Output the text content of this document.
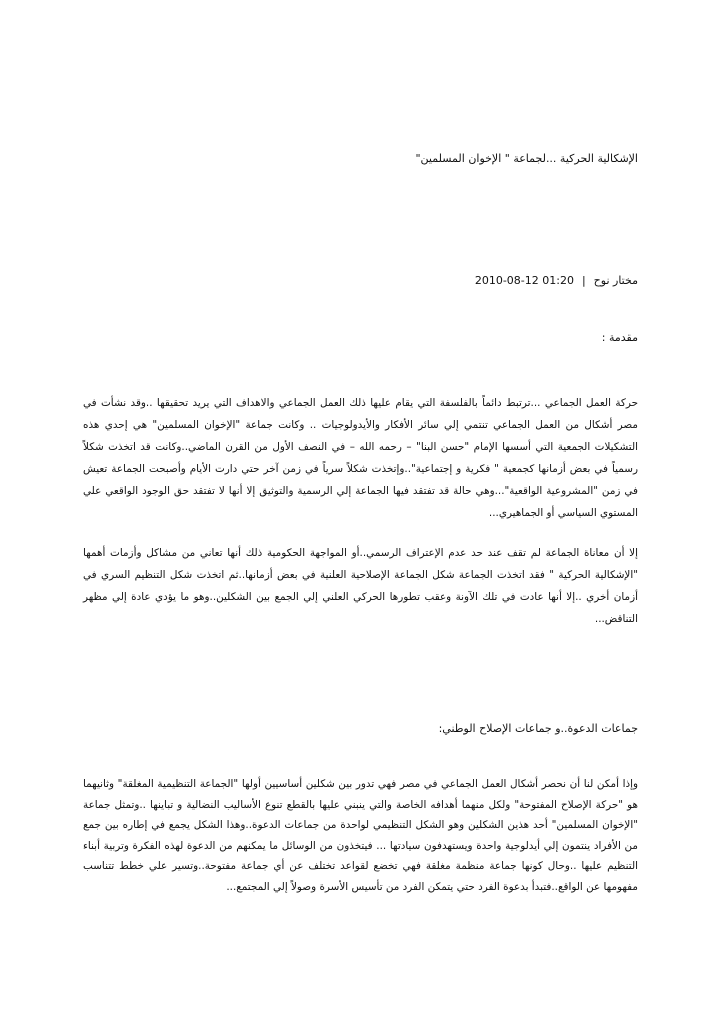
الإشكالية الحركية ...لجماعة " الإخوان المسلمين"

مختار نوح|2010-08-12 01:20

مقدمة :

حركة العمل الجماعي ...ترتبط دائماً بالفلسفة التي يقام عليها ذلك العمل الجماعي والاهداف التي يريد تحقيقها ..وقد نشأت في مصر أشكال من العمل الجماعي تنتمي إلي سائر الأفكار والأيدولوجيات .. وكانت جماعة "الإخوان المسلمين" هي إحدي هذه التشكيلات الجمعية التي أسسها الإمام "حسن البنا" – رحمه الله – في النصف الأول من القرن الماضي..وكانت قد اتخذت شكلاً رسمياً في بعض أزمانها كجمعية " فكرية و إجتماعية"..وإتخذت شكلاً سرياً في زمن آخر حتي دارت الأيام وأصبحت الجماعة تعيش في زمن "المشروعية الواقعية"...وهي حالة قد تفتقد فيها الجماعة إلي الرسمية والتوثيق إلا أنها لا تفتقد حق الوجود الواقعي علي المستوي السياسي أو الجماهيري...

إلا أن معاناة الجماعة لم تقف عند حد عدم الإعتراف الرسمي..أو المواجهة الحكومية ذلك أنها تعاني من مشاكل وأزمات أهمها "الإشكالية الحركية " فقد اتخذت الجماعة شكل الجماعة الإصلاحية العلنية في بعض أزمانها..ثم اتخذت شكل التنظيم السري في أزمان أخري ..إلا أنها عادت في تلك الآونة وعقب تطورها الحركي العلني إلي الجمع بين الشكلين..وهو ما يؤدي عادة إلي مظهر التناقض...

جماعات الدعوة..و جماعات الإصلاح الوطني:

وإذا أمكن لنا أن نحصر أشكال العمل الجماعي في مصر فهي تدور بين شكلين أساسيين أولها "الجماعة التنظيمية المغلقة" وثانيهما هو "حركة الإصلاح المفتوحة" ولكل منهما أهدافه الخاصة والتي ينبني عليها بالقطع تنوع الأساليب النضالية و تباينها ..وتمثل جماعة "الإخوان المسلمين" أحد هذين الشكلين وهو الشكل التنظيمي لواحدة من جماعات الدعوة..وهذا الشكل يجمع في إطاره بين جمع من الأفراد ينتمون إلي أيدلوجية واحدة ويستهدفون سيادتها ... فيتخذون من الوسائل ما يمكنهم من الدعوة لهذه الفكرة وتربية أبناء التنظيم عليها ..وحال كونها جماعة منظمة مغلقة فهي تخضع لقواعد تختلف عن أي جماعة مفتوحة..وتسير علي خطط تتناسب مفهومها عن الواقع..فتبدأ بدعوة الفرد حتي يتمكن الفرد من تأسيس الأسرة وصولاً إلي المجتمع...
